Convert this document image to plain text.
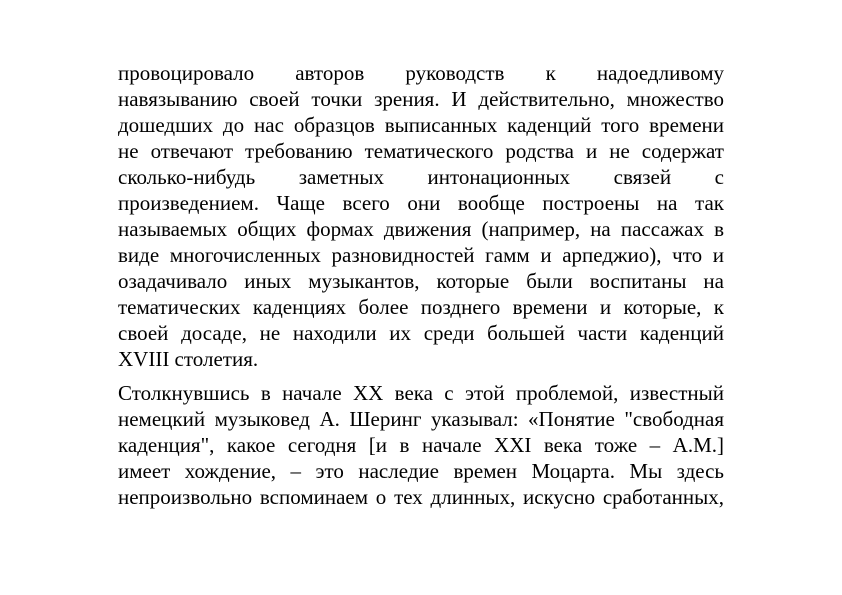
провоцировало авторов руководств к надоедливому
навязыванию своей точки зрения. И действительно, множество
дошедших до нас образцов выписанных каденций того времени
не отвечают требованию тематического родства и не содержат
сколько-нибудь заметных интонационных связей с
произведением. Чаще всего они вообще построены на так
называемых общих формах движения (например, на пассажах в
виде многочисленных разновидностей гамм и арпеджио), что и
озадачивало иных музыкантов, которые были воспитаны на
тематических каденциях более позднего времени и которые, к
своей досаде, не находили их среди большей части каденций
XVIII столетия.
Столкнувшись в начале XX века с этой проблемой, известный
немецкий музыковед А. Шеринг указывал: «Понятие "свободная
каденция", какое сегодня [и в начале XXI века тоже – А.М.]
имеет хождение, – это наследие времен Моцарта. Мы здесь
непроизвольно вспоминаем о тех длинных, искусно сработанных,
